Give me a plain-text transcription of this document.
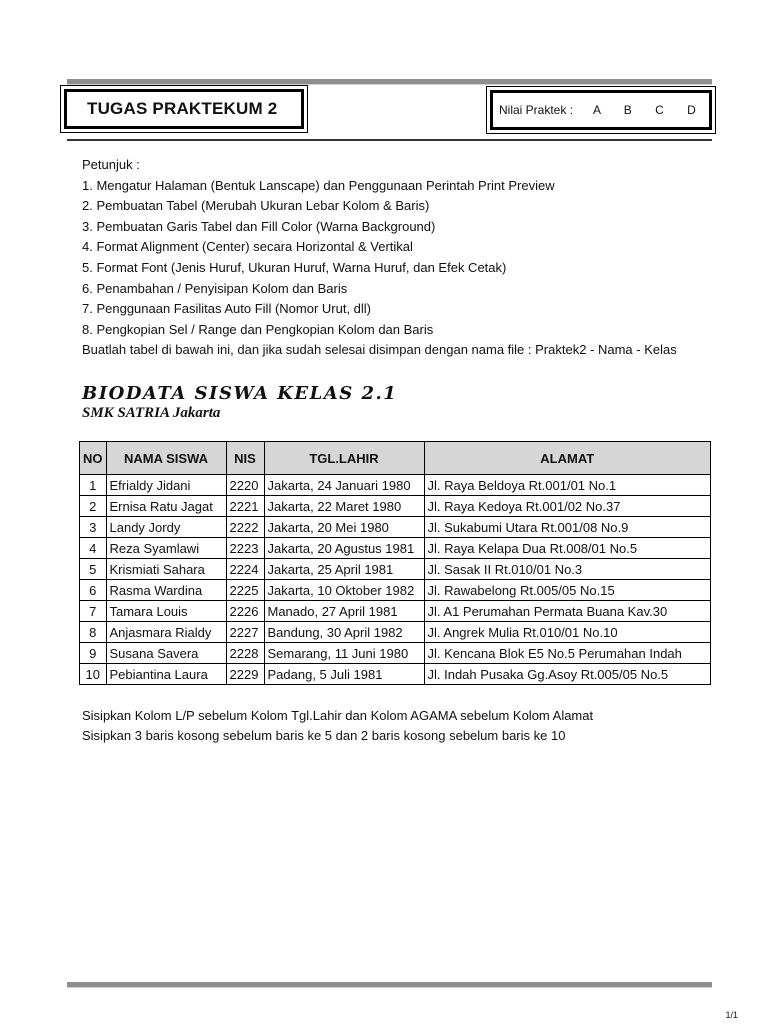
TUGAS PRAKTEKUM 2	Nilai Praktek :	A B C D
Petunjuk :
1. Mengatur Halaman (Bentuk Lanscape) dan Penggunaan Perintah Print Preview
2. Pembuatan Tabel (Merubah Ukuran Lebar Kolom & Baris)
3. Pembuatan Garis Tabel dan Fill Color (Warna Background)
4. Format Alignment (Center) secara Horizontal & Vertikal
5. Format Font (Jenis Huruf, Ukuran Huruf, Warna Huruf, dan Efek Cetak)
6. Penambahan / Penyisipan Kolom dan Baris
7. Penggunaan Fasilitas Auto Fill (Nomor Urut, dll)
8. Pengkopian Sel / Range dan Pengkopian Kolom dan Baris
Buatlah tabel di bawah ini, dan jika sudah selesai disimpan dengan nama file : Praktek2 - Nama - Kelas
BIODATA SISWA KELAS 2.1
SMK SATRIA Jakarta
NO	NAMA SISWA	NIS	TGL.LAHIR	ALAMAT
1	Efrialdy Jidani	2220	Jakarta, 24 Januari 1980	Jl. Raya Beldoya Rt.001/01 No.1
2	Ernisa Ratu Jagat	2221	Jakarta, 22 Maret 1980	Jl. Raya Kedoya Rt.001/02 No.37
3	Landy Jordy	2222	Jakarta, 20 Mei 1980	Jl. Sukabumi Utara Rt.001/08 No.9
4	Reza Syamlawi	2223	Jakarta, 20 Agustus 1981	Jl. Raya Kelapa Dua Rt.008/01 No.5
5	Krismiati Sahara	2224	Jakarta, 25 April 1981	Jl. Sasak II Rt.010/01 No.3
6	Rasma Wardina	2225	Jakarta, 10 Oktober 1982	Jl. Rawabelong Rt.005/05 No.15
7	Tamara Louis	2226	Manado, 27 April 1981	Jl. A1 Perumahan Permata Buana Kav.30
8	Anjasmara Rialdy	2227	Bandung, 30 April 1982	Jl. Angrek Mulia Rt.010/01 No.10
9	Susana Savera	2228	Semarang, 11 Juni 1980	Jl. Kencana Blok E5 No.5 Perumahan Indah
10	Pebiantina Laura	2229	Padang, 5 Juli 1981	Jl. Indah Pusaka Gg.Asoy Rt.005/05 No.5
Sisipkan Kolom L/P sebelum Kolom Tgl.Lahir dan Kolom AGAMA sebelum Kolom Alamat
Sisipkan 3 baris kosong sebelum baris ke 5 dan 2 baris kosong sebelum baris ke 10
1/1
